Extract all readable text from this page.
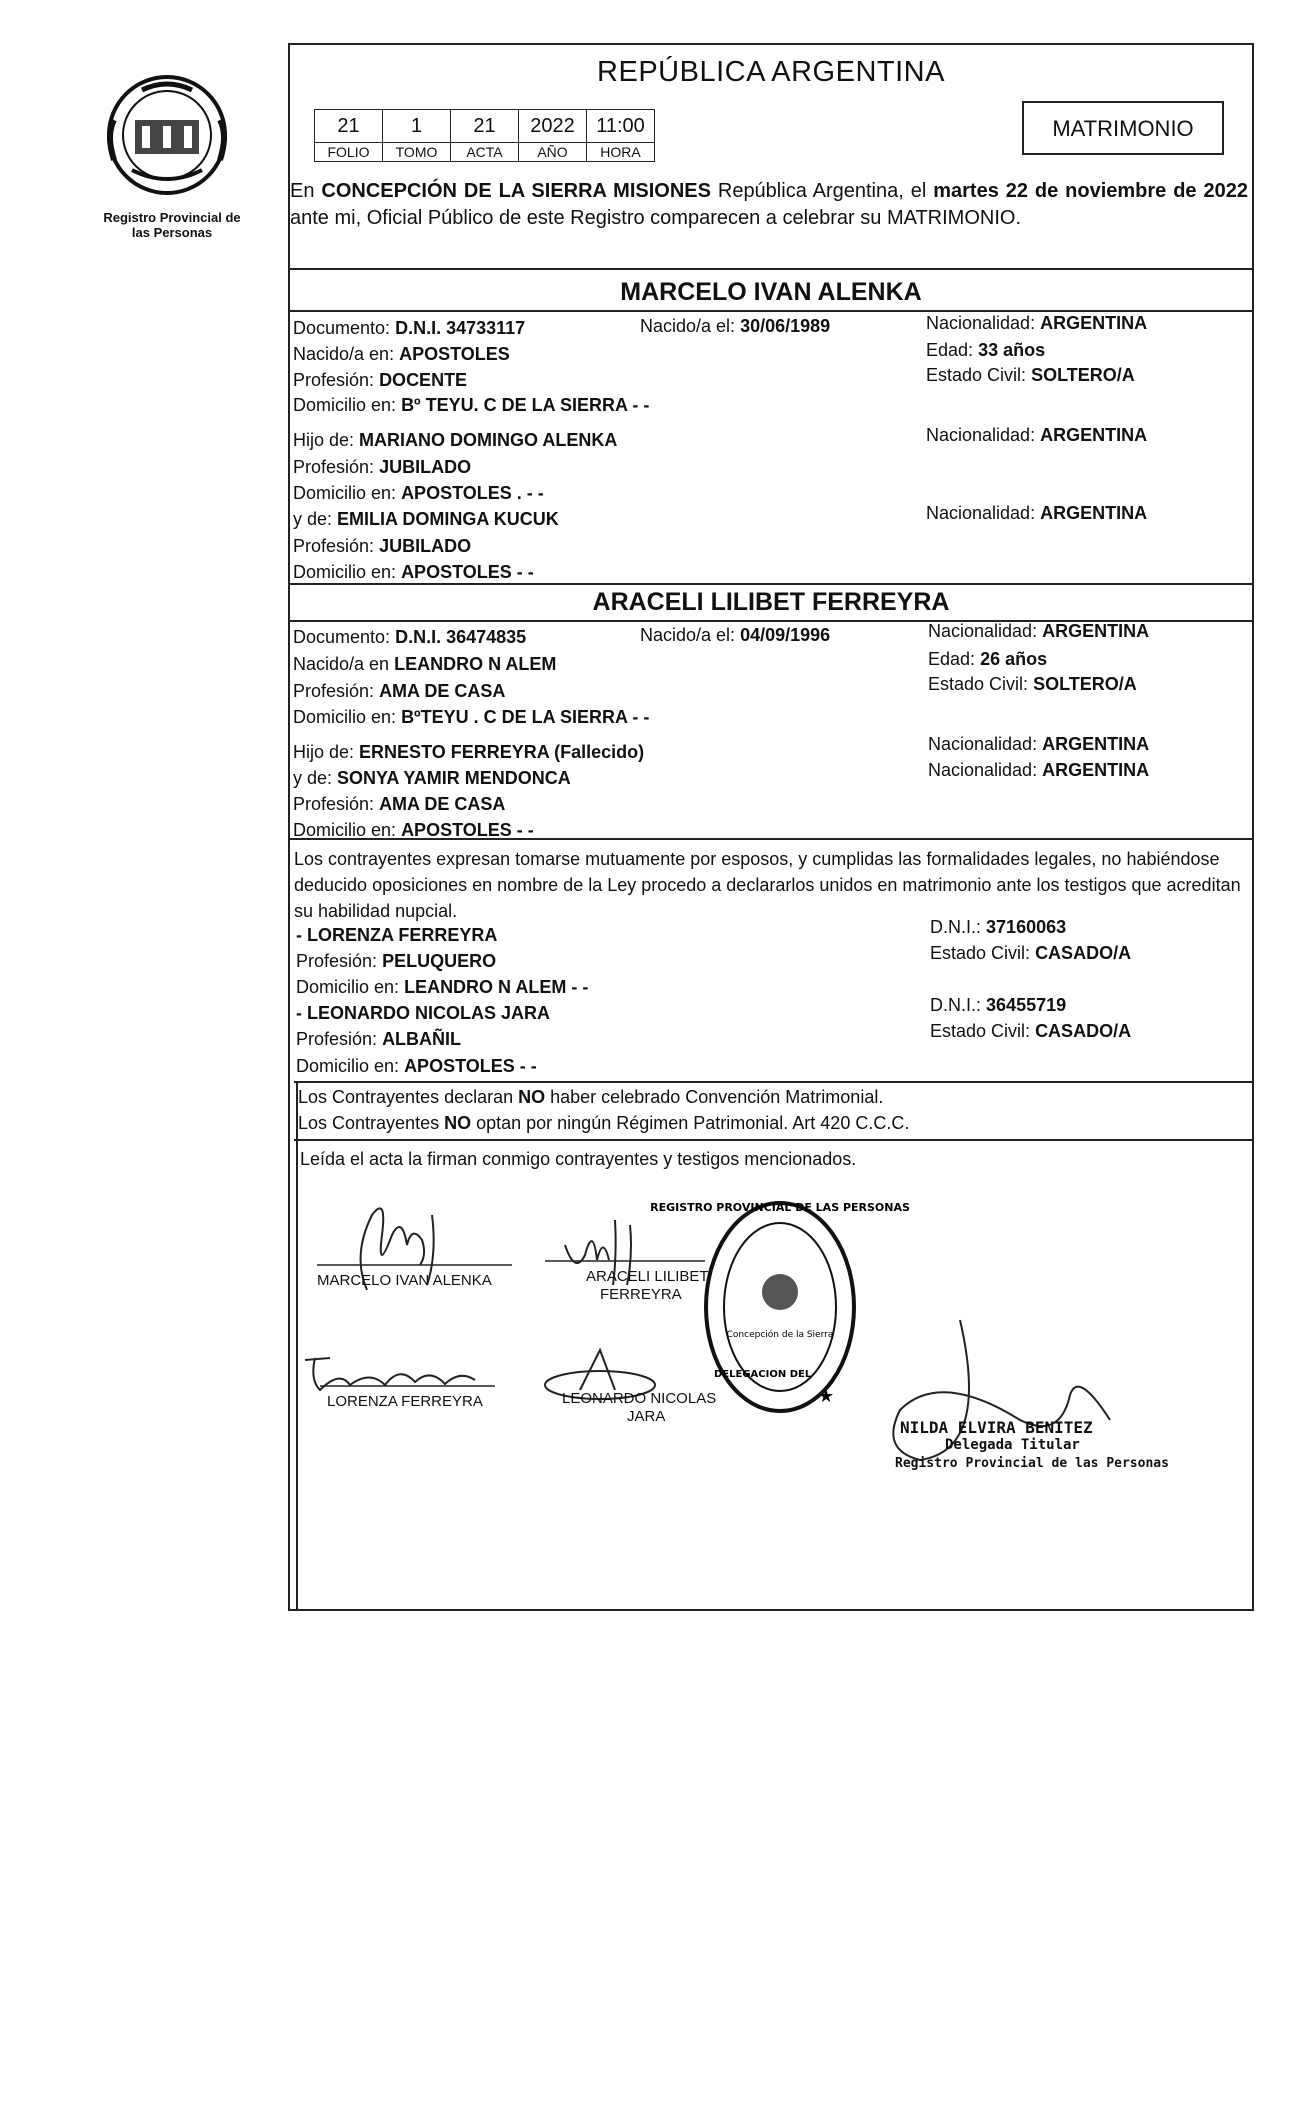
Registro Provincial de las Personas
REPÚBLICA ARGENTINA
21	1	21	2022	11:00
FOLIO	TOMO	ACTA	AÑO	HORA
MATRIMONIO
En CONCEPCIÓN DE LA SIERRA MISIONES República Argentina, el martes 22 de noviembre de 2022 ante mi, Oficial Público de este Registro comparecen a celebrar su MATRIMONIO.
MARCELO IVAN ALENKA
Documento: D.N.I. 34733117	Nacido/a el: 30/06/1989	Nacionalidad: ARGENTINA
Nacido/a en: APOSTOLES	Edad: 33 años
Profesión: DOCENTE	Estado Civil: SOLTERO/A
Domicilio en: Bº TEYU. C DE LA SIERRA - -
Hijo de: MARIANO DOMINGO ALENKA	Nacionalidad: ARGENTINA
Profesión: JUBILADO
Domicilio en: APOSTOLES . - -
y de: EMILIA DOMINGA KUCUK	Nacionalidad: ARGENTINA
Profesión: JUBILADO
Domicilio en: APOSTOLES - -
ARACELI LILIBET FERREYRA
Documento: D.N.I. 36474835	Nacido/a el: 04/09/1996	Nacionalidad: ARGENTINA
Nacido/a en LEANDRO N ALEM	Edad: 26 años
Profesión: AMA DE CASA	Estado Civil: SOLTERO/A
Domicilio en: BºTEYU . C DE LA SIERRA - -
Hijo de: ERNESTO FERREYRA (Fallecido)	Nacionalidad: ARGENTINA
y de: SONYA YAMIR MENDONCA	Nacionalidad: ARGENTINA
Profesión: AMA DE CASA
Domicilio en: APOSTOLES - -
Los contrayentes expresan tomarse mutuamente por esposos, y cumplidas las formalidades legales, no habiéndose deducido oposiciones en nombre de la Ley procedo a declararlos unidos en matrimonio ante los testigos que acreditan su habilidad nupcial.
- LORENZA FERREYRA	D.N.I.: 37160063
Profesión: PELUQUERO	Estado Civil: CASADO/A
Domicilio en: LEANDRO N ALEM - -
- LEONARDO NICOLAS JARA	D.N.I.: 36455719
Profesión: ALBAÑIL	Estado Civil: CASADO/A
Domicilio en: APOSTOLES - -
Los Contrayentes declaran NO haber celebrado Convención Matrimonial.
Los Contrayentes NO optan por ningún Régimen Patrimonial. Art 420 C.C.C.
Leída el acta la firman conmigo contrayentes y testigos mencionados.
MARCELO IVAN ALENKA	ARACELI LILIBET
FERREYRA
LORENZA FERREYRA	LEONARDO NICOLAS
JARA
REGISTRO PROVINCIAL DE LAS PERSONAS
DELEGACION DEL
Concepción de la Sierra
★
NILDA ELVIRA BENITEZ
Delegada Titular
Registro Provincial de las Personas
